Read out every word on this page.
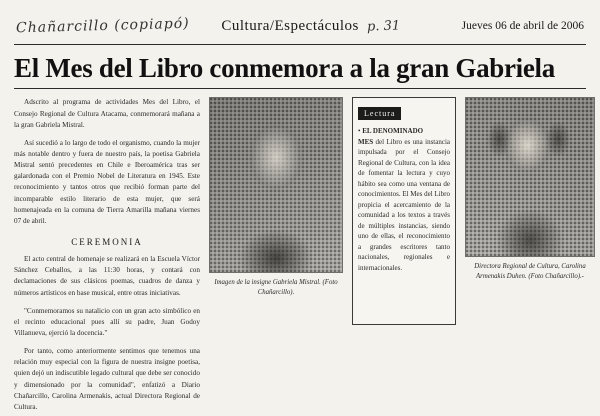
Chañarcillo (copiapó) Cultura/Espectáculos p. 31	Jueves 06 de abril de 2006
El Mes del Libro conmemora a la gran Gabriela

Adscrito al programa de actividades Mes del Libro, el Consejo Regional de Cultura Atacama, conmemorará mañana a la gran Gabriela Mistral.

Así sucedió a lo largo de todo el organismo, cuando la mujer más notable dentro y fuera de nuestro país, la poetisa Gabriela Mistral sentó precedentes en Chile e Iberoamérica tras ser galardonada con el Premio Nobel de Literatura en 1945. Este reconocimiento y tantos otros que recibió forman parte del incomparable estilo literario de esta mujer, que será homenajeada en la comuna de Tierra Amarilla mañana viernes 07 de abril.

CEREMONIA

El acto central de homenaje se realizará en la Escuela Víctor Sánchez Ceballos, a las 11:30 horas, y contará con declamaciones de sus clásicos poemas, cuadros de danza y números artísticos en base musical, entre otras iniciativas.

"Conmemoramos su natalicio con un gran acto simbólico en el recinto educacional pues allí su padre, Juan Godoy Villanueva, ejerció la docencia."

Por tanto, como anteriormente sentimos que tenemos una relación muy especial con la figura de nuestra insigne poetisa, quien dejó un indiscutible legado cultural que debe ser conocido y dimensionado por la comunidad", enfatizó a Diario Chañarcillo, Carolina Armenakis, actual Directora Regional de Cultura.

Imagen de la insigne Gabriela Mistral. (Foto Chañarcillo).
Lectura

• EL DENOMINADO
MES del Libro es una instancia impulsada por el Consejo Regional de Cultura, con la idea de fomentar la lectura y cuyo hábito sea como una ventana de conocimientos. El Mes del Libro propicia el acercamiento de la comunidad a los textos a través de múltiples instancias, siendo uno de ellas, el reconocimiento a grandes escritores tanto nacionales, regionales e internacionales.	Directora Regional de Cultura, Carolina Armenakis Duhen. (Foto Chañarcillo).-
